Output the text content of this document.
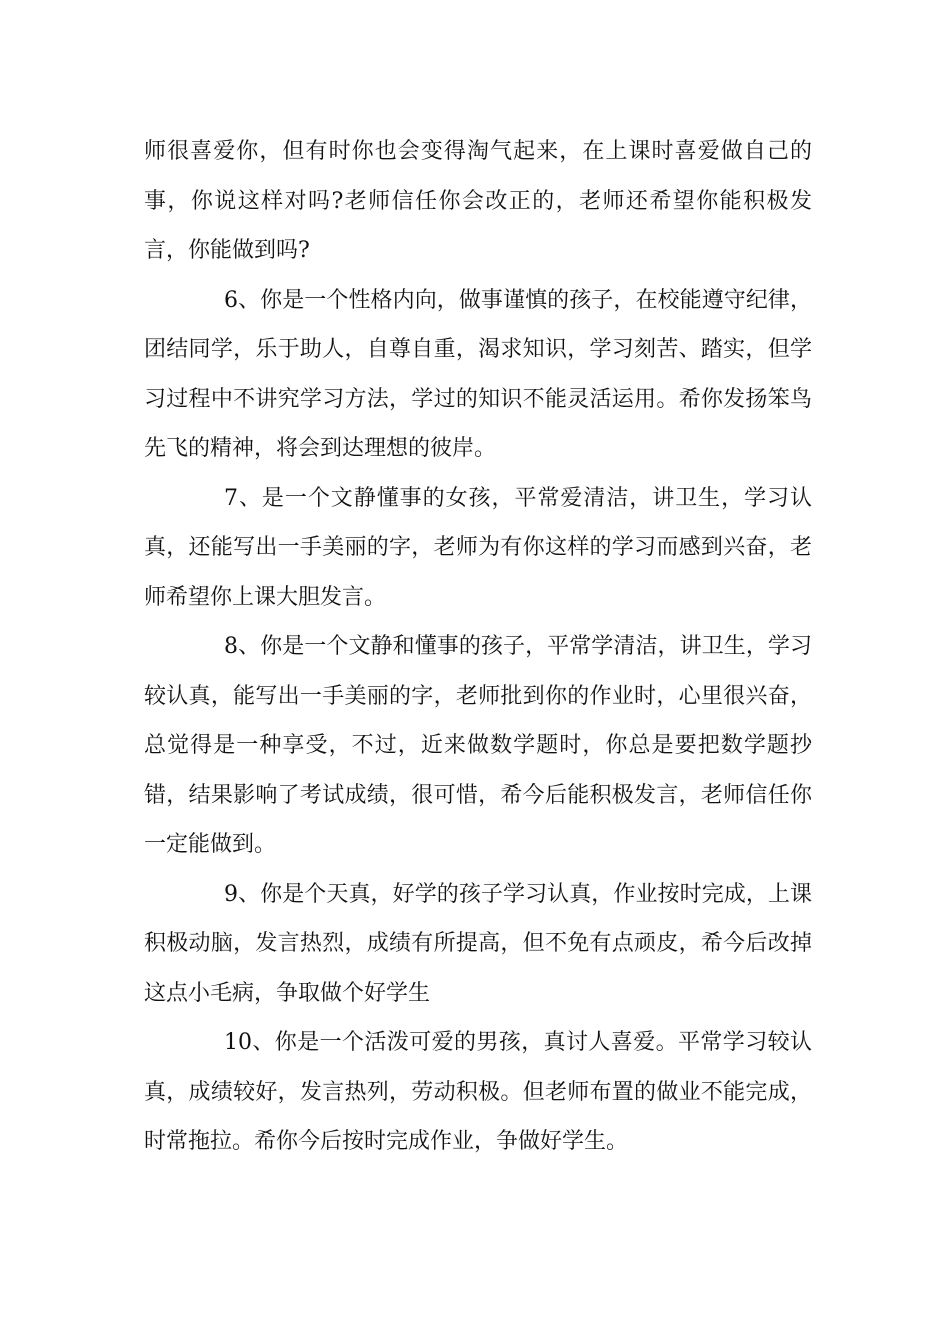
师很喜爱你，但有时你也会变得淘气起来，在上课时喜爱做自己的事，你说这样对吗?老师信任你会改正的，老师还希望你能积极发言，你能做到吗?

6、你是一个性格内向，做事谨慎的孩子，在校能遵守纪律，团结同学，乐于助人，自尊自重，渴求知识，学习刻苦、踏实，但学习过程中不讲究学习方法，学过的知识不能灵活运用。希你发扬笨鸟先飞的精神，将会到达理想的彼岸。

7、是一个文静懂事的女孩，平常爱清洁，讲卫生，学习认真，还能写出一手美丽的字，老师为有你这样的学习而感到兴奋，老师希望你上课大胆发言。

8、你是一个文静和懂事的孩子，平常学清洁，讲卫生，学习较认真，能写出一手美丽的字，老师批到你的作业时，心里很兴奋，总觉得是一种享受，不过，近来做数学题时，你总是要把数学题抄错，结果影响了考试成绩，很可惜，希今后能积极发言，老师信任你一定能做到。

9、你是个天真，好学的孩子学习认真，作业按时完成，上课积极动脑，发言热烈，成绩有所提高，但不免有点顽皮，希今后改掉这点小毛病，争取做个好学生

10、你是一个活泼可爱的男孩，真讨人喜爱。平常学习较认真，成绩较好，发言热列，劳动积极。但老师布置的做业不能完成，时常拖拉。希你今后按时完成作业，争做好学生。
